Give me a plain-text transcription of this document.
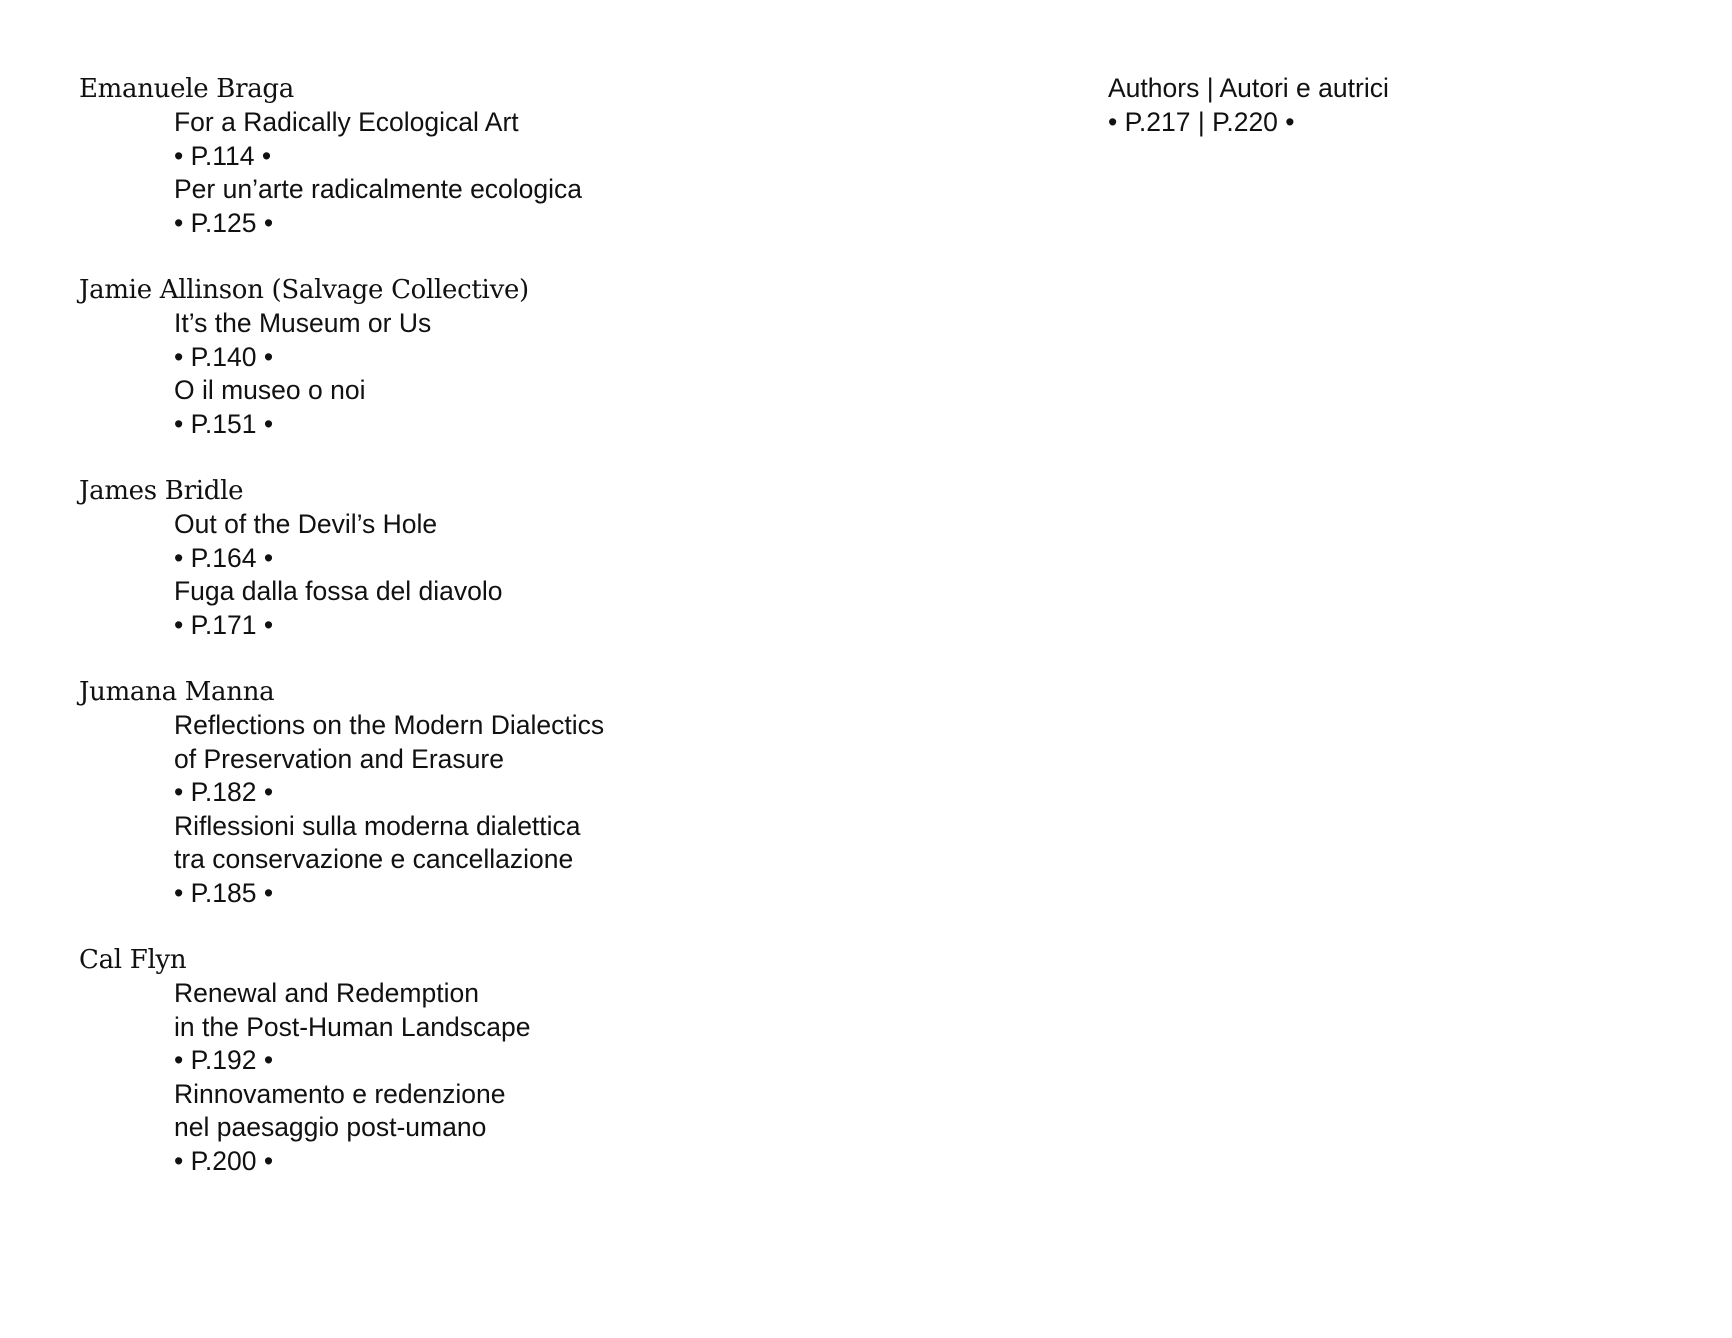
Emanuele Braga
For a Radically Ecological Art
• P.114 •
Per un’arte radicalmente ecologica
• P.125 •
Jamie Allinson (Salvage Collective)
It’s the Museum or Us
• P.140 •
O il museo o noi
• P.151 •
James Bridle
Out of the Devil’s Hole
• P.164 •
Fuga dalla fossa del diavolo
• P.171 •
Jumana Manna
Reflections on the Modern Dialectics
of Preservation and Erasure
• P.182 •
Riflessioni sulla moderna dialettica
tra conservazione e cancellazione
• P.185 •
Cal Flyn
Renewal and Redemption
in the Post-Human Landscape
• P.192 •
Rinnovamento e redenzione
nel paesaggio post-umano
• P.200 •
Authors | Autori e autrici
• P.217 | P.220 •
